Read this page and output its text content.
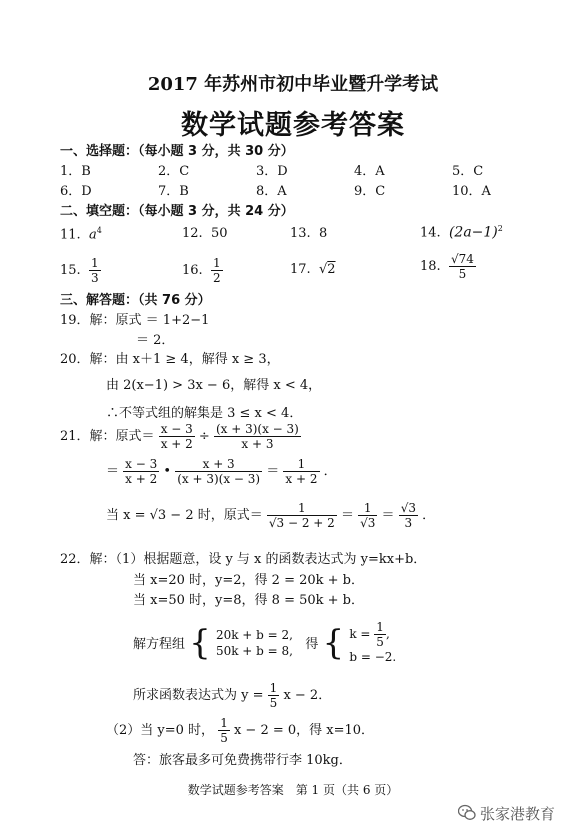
2017 年苏州市初中毕业暨升学考试
数学试题参考答案
一、选择题：（每小题 3 分，共 30 分）
1．B	2．C	3．D	4．A	5．C
6．D	7．B	8．A	9．C	10．A
二、填空题：（每小题 3 分，共 24 分）
11. $a^4$	12. 50	13. 8	14. $(2a-1)^2$
15. $\frac{1}{3}$	16. $\frac{1}{2}$	17. √2	18. $\frac{√74}{5}$
三、解答题：（共 76 分）
19．解：原式 ＝ 1+2−1
＝ 2．
20．解：由 x＋1 ≥ 4，解得 x ≥ 3，
由 2(x−1) > 3x − 6，解得 x < 4，
∴不等式组的解集是 3 ≤ x < 4．
21．解：原式＝ $\frac{x - 3}{x + 2} \div \frac{(x + 3)(x - 3)}{x + 3}$
＝ $\frac{x - 3}{x + 2}$ • $\frac{x + 3}{(x + 3)(x - 3)} = \frac{1}{x + 2}$ ．
当 x = √3 − 2 时，原式＝ $\frac{1}{√3 - 2 + 2} = \frac{1}{√3} = \frac{√3}{3}$ ．
22．解：（1）根据题意，设 y 与 x 的函数表达式为 y=kx+b．
当 x=20 时，y=2，得 2 = 20k + b．
当 x=50 时，y=8，得 8 = 50k + b．
解方程组 { 20k + b = 2,
50k + b = 8, 得 { $k = \frac{1}{5}$ ,
b = −2.
所求函数表达式为 $y = \frac{1}{5}$ x − 2．
（2）当 y=0 时， $\frac{1}{5}$ x − 2 = 0，得 x=10．
答：旅客最多可免费携带行李 10kg．
数学试题参考答案　第 1 页（共 6 页）
张家港教育
